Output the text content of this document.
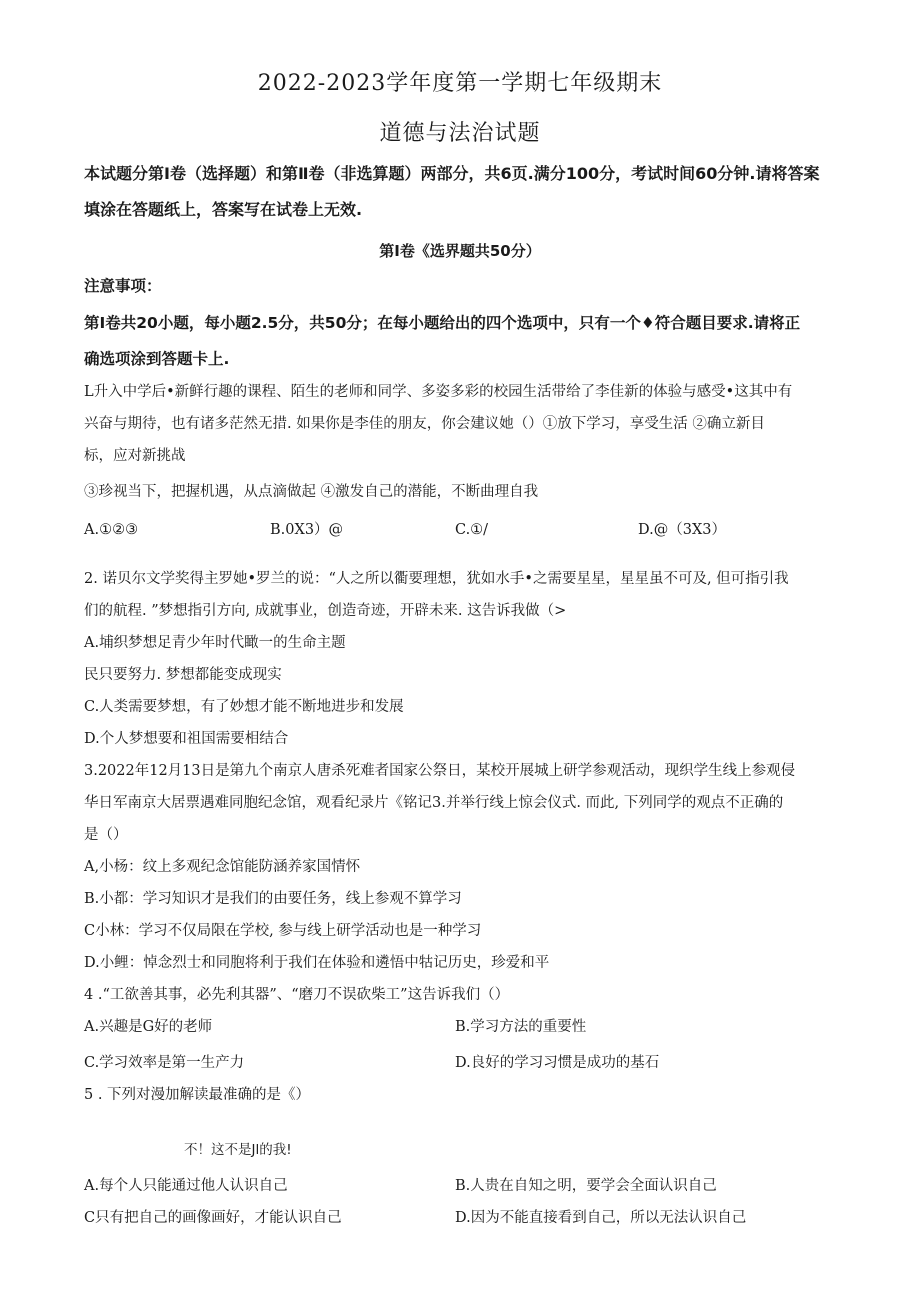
2022-2023学年度第一学期七年级期末
道德与法治试题
本试题分第Ⅰ卷（选择题）和第Ⅱ卷（非选算题）两部分，共6页.满分100分，考试时间60分钟.请将答案
填涂在答题纸上，答案写在试卷上无效.
第Ⅰ卷《选界题共50分）
注意事项：
第Ⅰ卷共20小题，每小题2.5分，共50分；在每小题给出的四个选项中，只有一个♦符合题目要求.请将正
确选项涂到答题卡上.
L升入中学后•新鲜行趣的课程、陌生的老师和同学、多姿多彩的校园生活带给了李佳新的体验与感受•这其中有
兴奋与期待，也有诸多茫然无措. 如果你是李佳的朋友，你会建议她（）①放下学习，享受生活 ②确立新目
标，应对新挑战
③珍视当下，把握机遇，从点滴做起 ④激发自己的潜能，不断曲理自我
A.①②③	B.0X3）@	C.①/	D.@（3X3）
2. 诺贝尔文学奖得主罗她•罗兰的说：“人之所以衢要理想，犹如水手•之需要星星，星星虽不可及, 但可指引我
们的航程. ”梦想指引方向, 成就事业，创造奇迹，开辟未来. 这告诉我做（>
A.埔织梦想足青少年时代瞰一的生命主题
民只要努力. 梦想都能变成现实
C.人类需要梦想，有了妙想才能不断地进步和发展
D.个人梦想要和祖国需要相结合
3.2022年12月13日是第九个南京人唐杀死难者国家公祭日，某校开展城上研学参观活动，现织学生线上参观侵
华日军南京大居票遇难同胞纪念馆，观看纪录片《铭记3.并举行线上惊会仪式. 而此, 下列同学的观点不正确的
是（）
A,小杨：纹上多观纪念馆能防涵养家国情怀
B.小都：学习知识才是我们的由要任务，线上参观不算学习
C小林：学习不仅局限在学校, 参与线上研学活动也是一种学习
D.小鲤：悼念烈士和同胞将利于我们在体验和遴悟中牯记历史，珍爱和平
4 .“工欲善其事，必先利其器”、“磨刀不误砍柴工”这告诉我们（）
A.兴趣是G好的老师	B.学习方法的重要性
C.学习效率是第一生产力	D.良好的学习习惯是成功的基石
5 . 下列对漫加解读最准确的是《）
不！这不是Jl的我!
A.每个人只能通过他人认识自己	B.人贵在自知之明，要学会全面认识自己
C只有把自己的画像画好，才能认识自己	D.因为不能直接看到自己，所以无法认识自己
